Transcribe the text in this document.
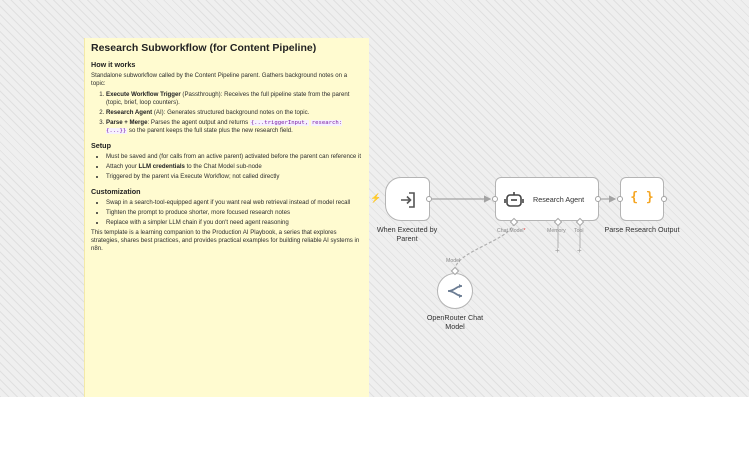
Research Subworkflow (for Content Pipeline)
How it works

Standalone subworkflow called by the Content Pipeline parent. Gathers background notes on a topic:

1. Execute Workflow Trigger (Passthrough): Receives the full pipeline state from the parent (topic, brief, loop counters).
2. Research Agent (AI): Generates structured background notes on the topic.
3. Parse + Merge: Parses the agent output and returns {...triggerInput, research: {...}} so the parent keeps the full state plus the new research field.
Setup
• Must be saved and (for calls from an active parent) activated before the parent can reference it
• Attach your LLM credentials to the Chat Model sub-node
• Triggered by the parent via Execute Workflow; not called directly
Customization
• Swap in a search-tool-equipped agent if you want real web retrieval instead of model recall
• Tighten the prompt to produce shorter, more focused research notes
• Replace with a simpler LLM chain if you don't need agent reasoning

This template is a learning companion to the Production AI Playbook, a series that explores strategies, shares best practices, and provides practical examples for building reliable AI systems in n8n.

⚡
When Executed by
Parent
Research Agent
Chat Model*	Memory Tool
+ +
{ }
Parse Research Output
Model
OpenRouter Chat
Model
